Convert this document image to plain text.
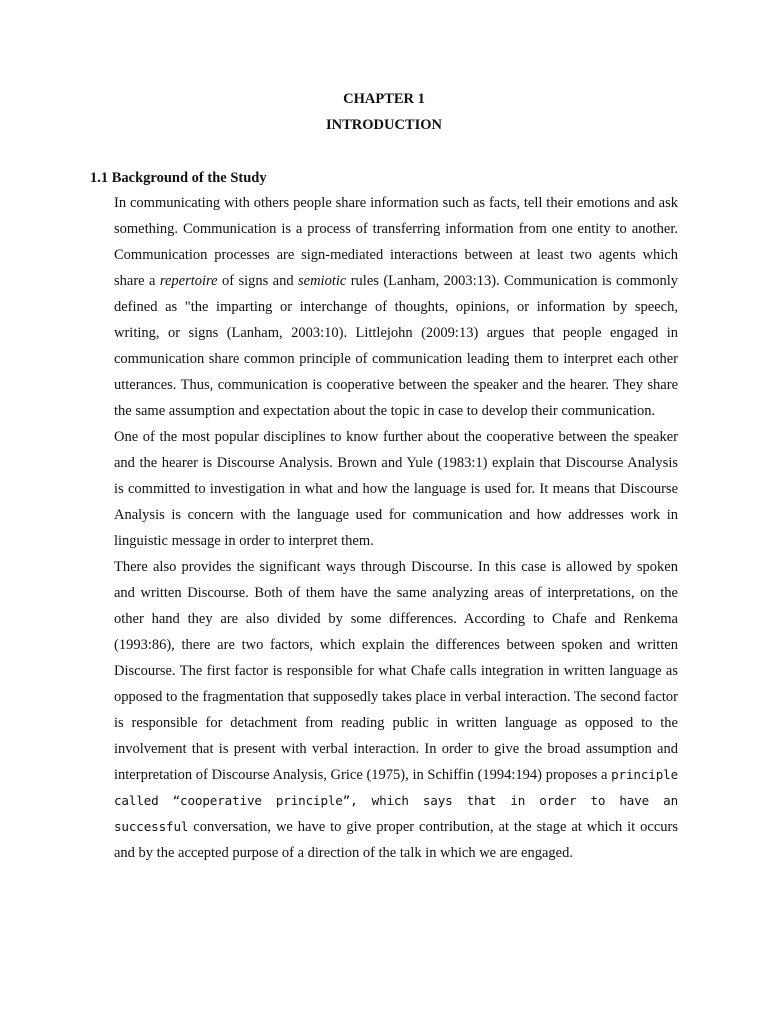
CHAPTER 1
INTRODUCTION
1.1 Background of the Study

In communicating with others people share information such as facts, tell their emotions and ask something. Communication is a process of transferring information from one entity to another. Communication processes are sign-mediated interactions between at least two agents which share a repertoire of signs and semiotic rules (Lanham, 2003:13). Communication is commonly defined as "the imparting or interchange of thoughts, opinions, or information by speech, writing, or signs (Lanham, 2003:10). Littlejohn (2009:13) argues that people engaged in communication share common principle of communication leading them to interpret each other utterances. Thus, communication is cooperative between the speaker and the hearer. They share the same assumption and expectation about the topic in case to develop their communication.

One of the most popular disciplines to know further about the cooperative between the speaker and the hearer is Discourse Analysis. Brown and Yule (1983:1) explain that Discourse Analysis is committed to investigation in what and how the language is used for. It means that Discourse Analysis is concern with the language used for communication and how addresses work in linguistic message in order to interpret them.

There also provides the significant ways through Discourse. In this case is allowed by spoken and written Discourse. Both of them have the same analyzing areas of interpretations, on the other hand they are also divided by some differences. According to Chafe and Renkema (1993:86), there are two factors, which explain the differences between spoken and written Discourse. The first factor is responsible for what Chafe calls integration in written language as opposed to the fragmentation that supposedly takes place in verbal interaction. The second factor is responsible for detachment from reading public in written language as opposed to the involvement that is present with verbal interaction. In order to give the broad assumption and interpretation of Discourse Analysis, Grice (1975), in Schiffin (1994:194) proposes a principle called “cooperative principle”, which says that in order to have an successful conversation, we have to give proper contribution, at the stage at which it occurs and by the accepted purpose of a direction of the talk in which we are engaged.
